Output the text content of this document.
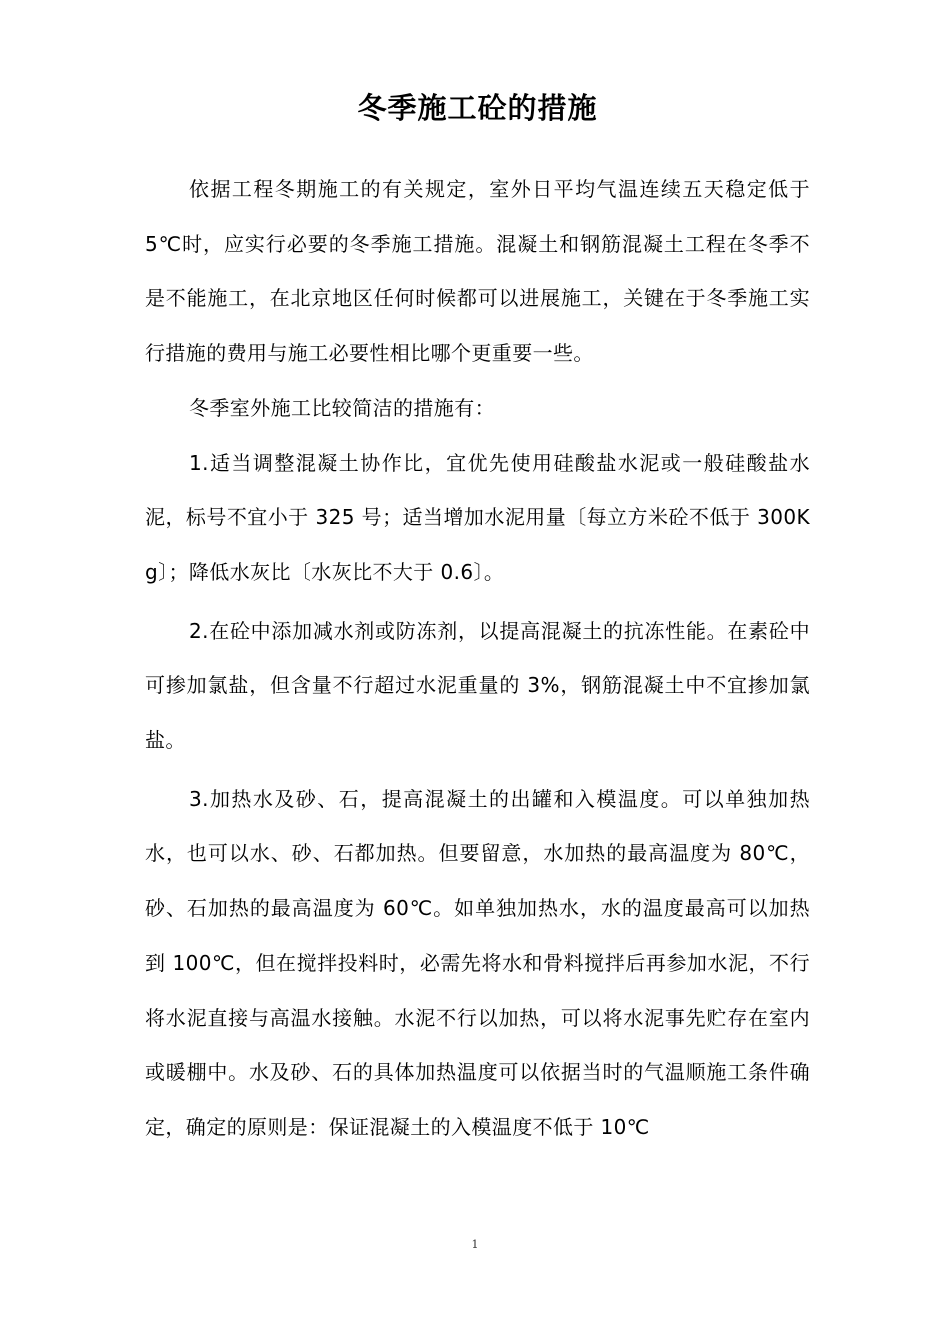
冬季施工砼的措施

依据工程冬期施工的有关规定，室外日平均气温连续五天稳定低于 5℃时，应实行必要的冬季施工措施。混凝土和钢筋混凝土工程在冬季不是不能施工，在北京地区任何时候都可以进展施工，关键在于冬季施工实行措施的费用与施工必要性相比哪个更重要一些。

冬季室外施工比较简洁的措施有：

1.适当调整混凝土协作比，宜优先使用硅酸盐水泥或一般硅酸盐水泥，标号不宜小于 325 号；适当增加水泥用量〔每立方米砼不低于 300Kg〕；降低水灰比〔水灰比不大于 0.6〕。

2.在砼中添加减水剂或防冻剂，以提高混凝土的抗冻性能。在素砼中可掺加氯盐，但含量不行超过水泥重量的 3%，钢筋混凝土中不宜掺加氯盐。

3.加热水及砂、石，提高混凝土的出罐和入模温度。可以单独加热水，也可以水、砂、石都加热。但要留意，水加热的最高温度为 80℃，砂、石加热的最高温度为 60℃。如单独加热水，水的温度最高可以加热到 100℃，但在搅拌投料时，必需先将水和骨料搅拌后再参加水泥，不行将水泥直接与高温水接触。水泥不行以加热，可以将水泥事先贮存在室内或暖棚中。水及砂、石的具体加热温度可以依据当时的气温顺施工条件确定，确定的原则是：保证混凝土的入模温度不低于 10℃

1
